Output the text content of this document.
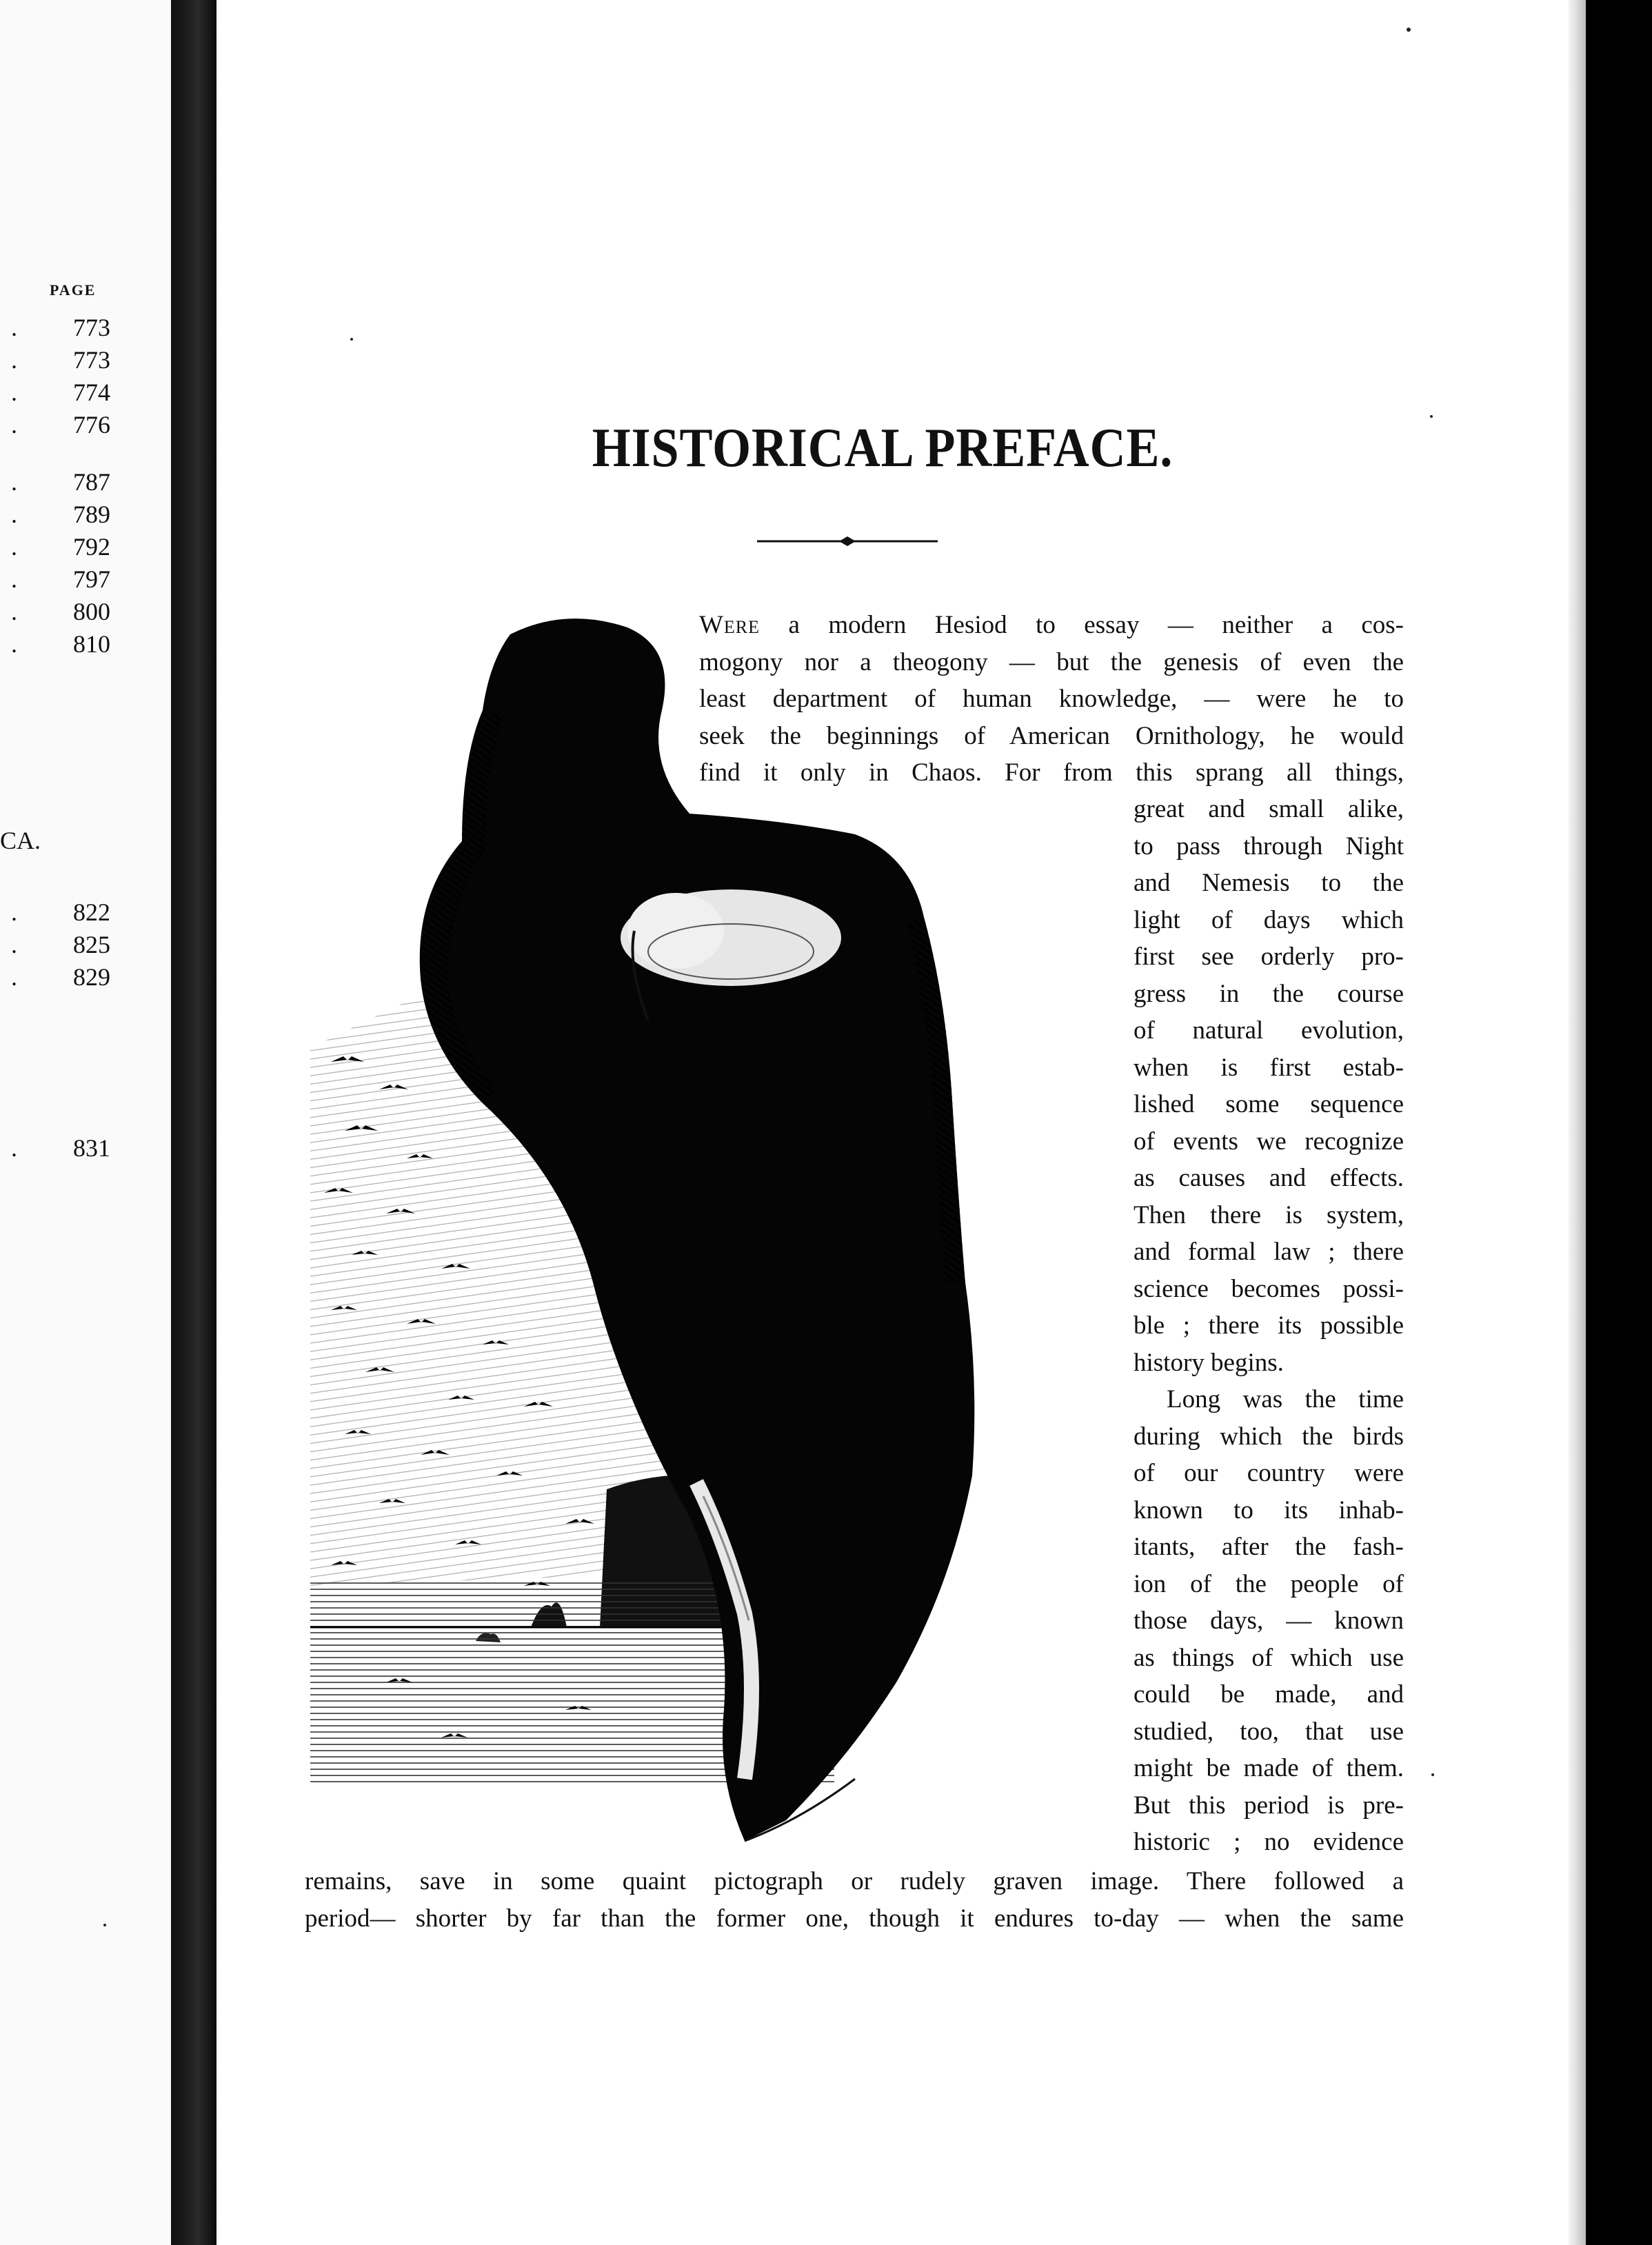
PAGE
. 773
. 773
. 774
. 776
. 787
. 789
. 792
. 797
. 800
. 810
CA.
. 822
. 825
. 829
. 831
HISTORICAL PREFACE.
Were a modern Hesiod to essay — neither a cos-
mogony nor a theogony — but the genesis of even the
least department of human knowledge, — were he to
seek the beginnings of American Ornithology, he would
find it only in Chaos. For from this sprang all things,
great and small alike,
to pass through Night
and Nemesis to the
light of days which
first see orderly pro-
gress in the course
of natural evolution,
when is first estab-
lished some sequence
of events we recognize
as causes and effects.
Then there is system,
and formal law ; there
science becomes possi-
ble ; there its possible
history begins.
Long was the time
during which the birds
of our country were
known to its inhab-
itants, after the fash-
ion of the people of
those days, — known
as things of which use
could be made, and
studied, too, that use
might be made of them.
But this period is pre-
historic ; no evidence
remains, save in some quaint pictograph or rudely graven image. There followed a
period— shorter by far than the former one, though it endures to-day — when the same
